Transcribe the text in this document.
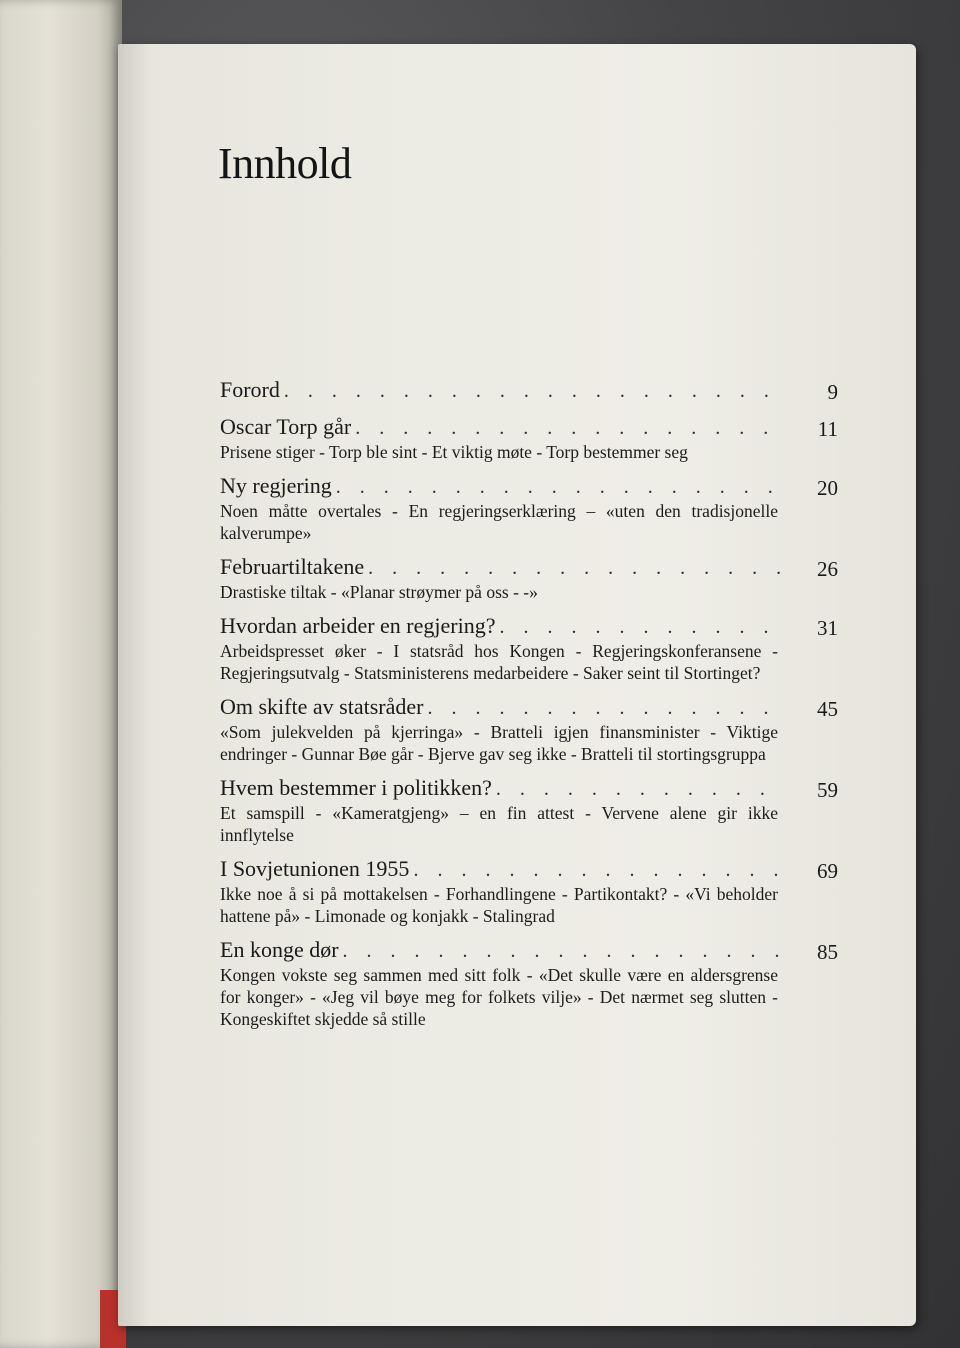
Innhold
Forord . . .	9
Oscar Torp går . . .	11
Prisene stiger - Torp ble sint - Et viktig møte - Torp bestemmer seg
Ny regjering . . .	20
Noen måtte overtales - En regjeringserklæring – «uten den tradisjonelle kalverumpe»
Februartiltakene . . .	26
Drastiske tiltak - «Planar strøymer på oss - -»
Hvordan arbeider en regjering? . . .	31
Arbeidspresset øker - I statsråd hos Kongen - Regjeringskonferansene - Regjeringsutvalg - Statsministerens medarbeidere - Saker seint til Stortinget?
Om skifte av statsråder . . .	45
«Som julekvelden på kjerringa» - Bratteli igjen finansminister - Viktige endringer - Gunnar Bøe går - Bjerve gav seg ikke - Bratteli til stortingsgruppa
Hvem bestemmer i politikken? . . .	59
Et samspill - «Kameratgjeng» – en fin attest - Vervene alene gir ikke innflytelse
I Sovjetunionen 1955 . . .	69
Ikke noe å si på mottakelsen - Forhandlingene - Partikontakt? - «Vi beholder hattene på» - Limonade og konjakk - Stalingrad
En konge dør . . .	85
Kongen vokste seg sammen med sitt folk - «Det skulle være en aldersgrense for konger» - «Jeg vil bøye meg for folkets vilje» - Det nærmet seg slutten - Kongeskiftet skjedde så stille
